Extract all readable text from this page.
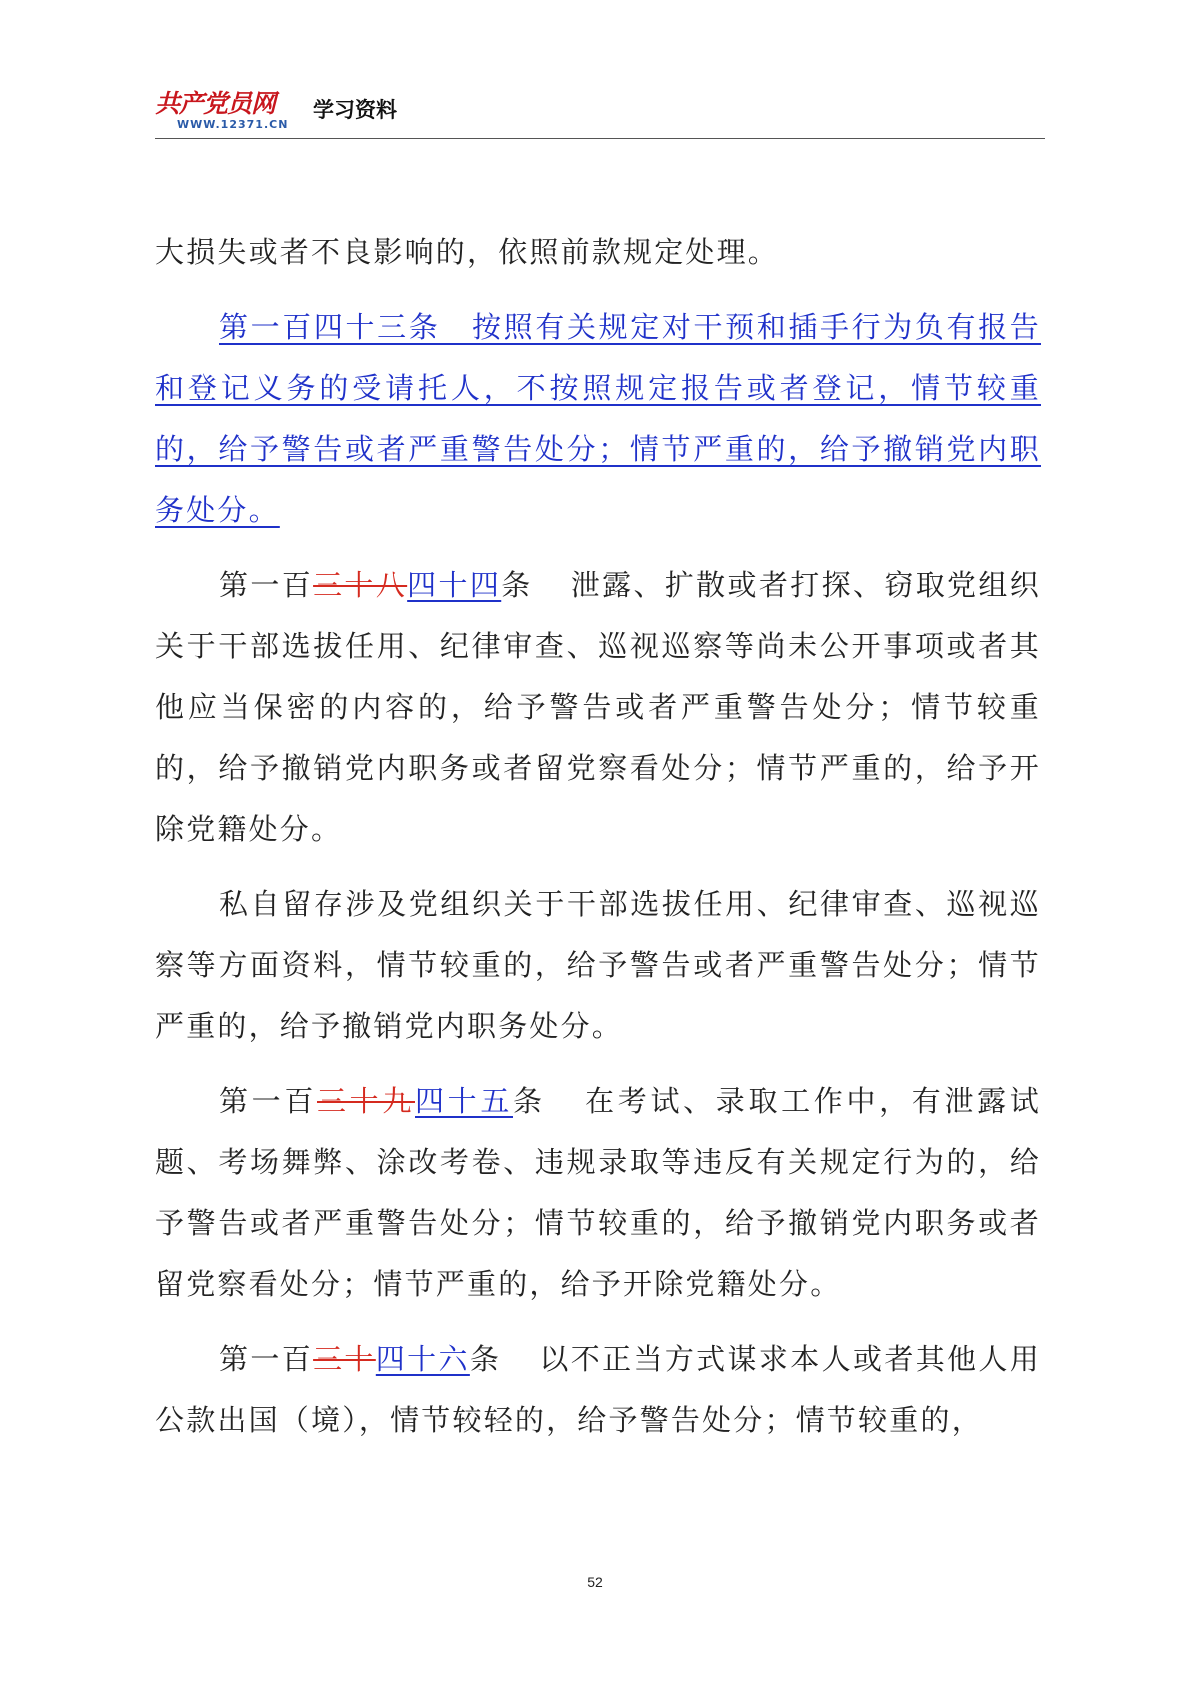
共产党员网
WWW.12371.CN
学习资料

大损失或者不良影响的，依照前款规定处理。

第一百四十三条　按照有关规定对干预和插手行为负有报告和登记义务的受请托人，不按照规定报告或者登记，情节较重的，给予警告或者严重警告处分；情节严重的，给予撤销党内职务处分。

第一百三十八四十四条 泄露、扩散或者打探、窃取党组织关于干部选拔任用、纪律审查、巡视巡察等尚未公开事项或者其他应当保密的内容的，给予警告或者严重警告处分；情节较重的，给予撤销党内职务或者留党察看处分；情节严重的，给予开除党籍处分。

私自留存涉及党组织关于干部选拔任用、纪律审查、巡视巡察等方面资料，情节较重的，给予警告或者严重警告处分；情节严重的，给予撤销党内职务处分。

第一百三十九四十五条 在考试、录取工作中，有泄露试题、考场舞弊、涂改考卷、违规录取等违反有关规定行为的，给予警告或者严重警告处分；情节较重的，给予撤销党内职务或者留党察看处分；情节严重的，给予开除党籍处分。

第一百三十四十六条 以不正当方式谋求本人或者其他人用公款出国（境），情节较轻的，给予警告处分；情节较重的，

52
